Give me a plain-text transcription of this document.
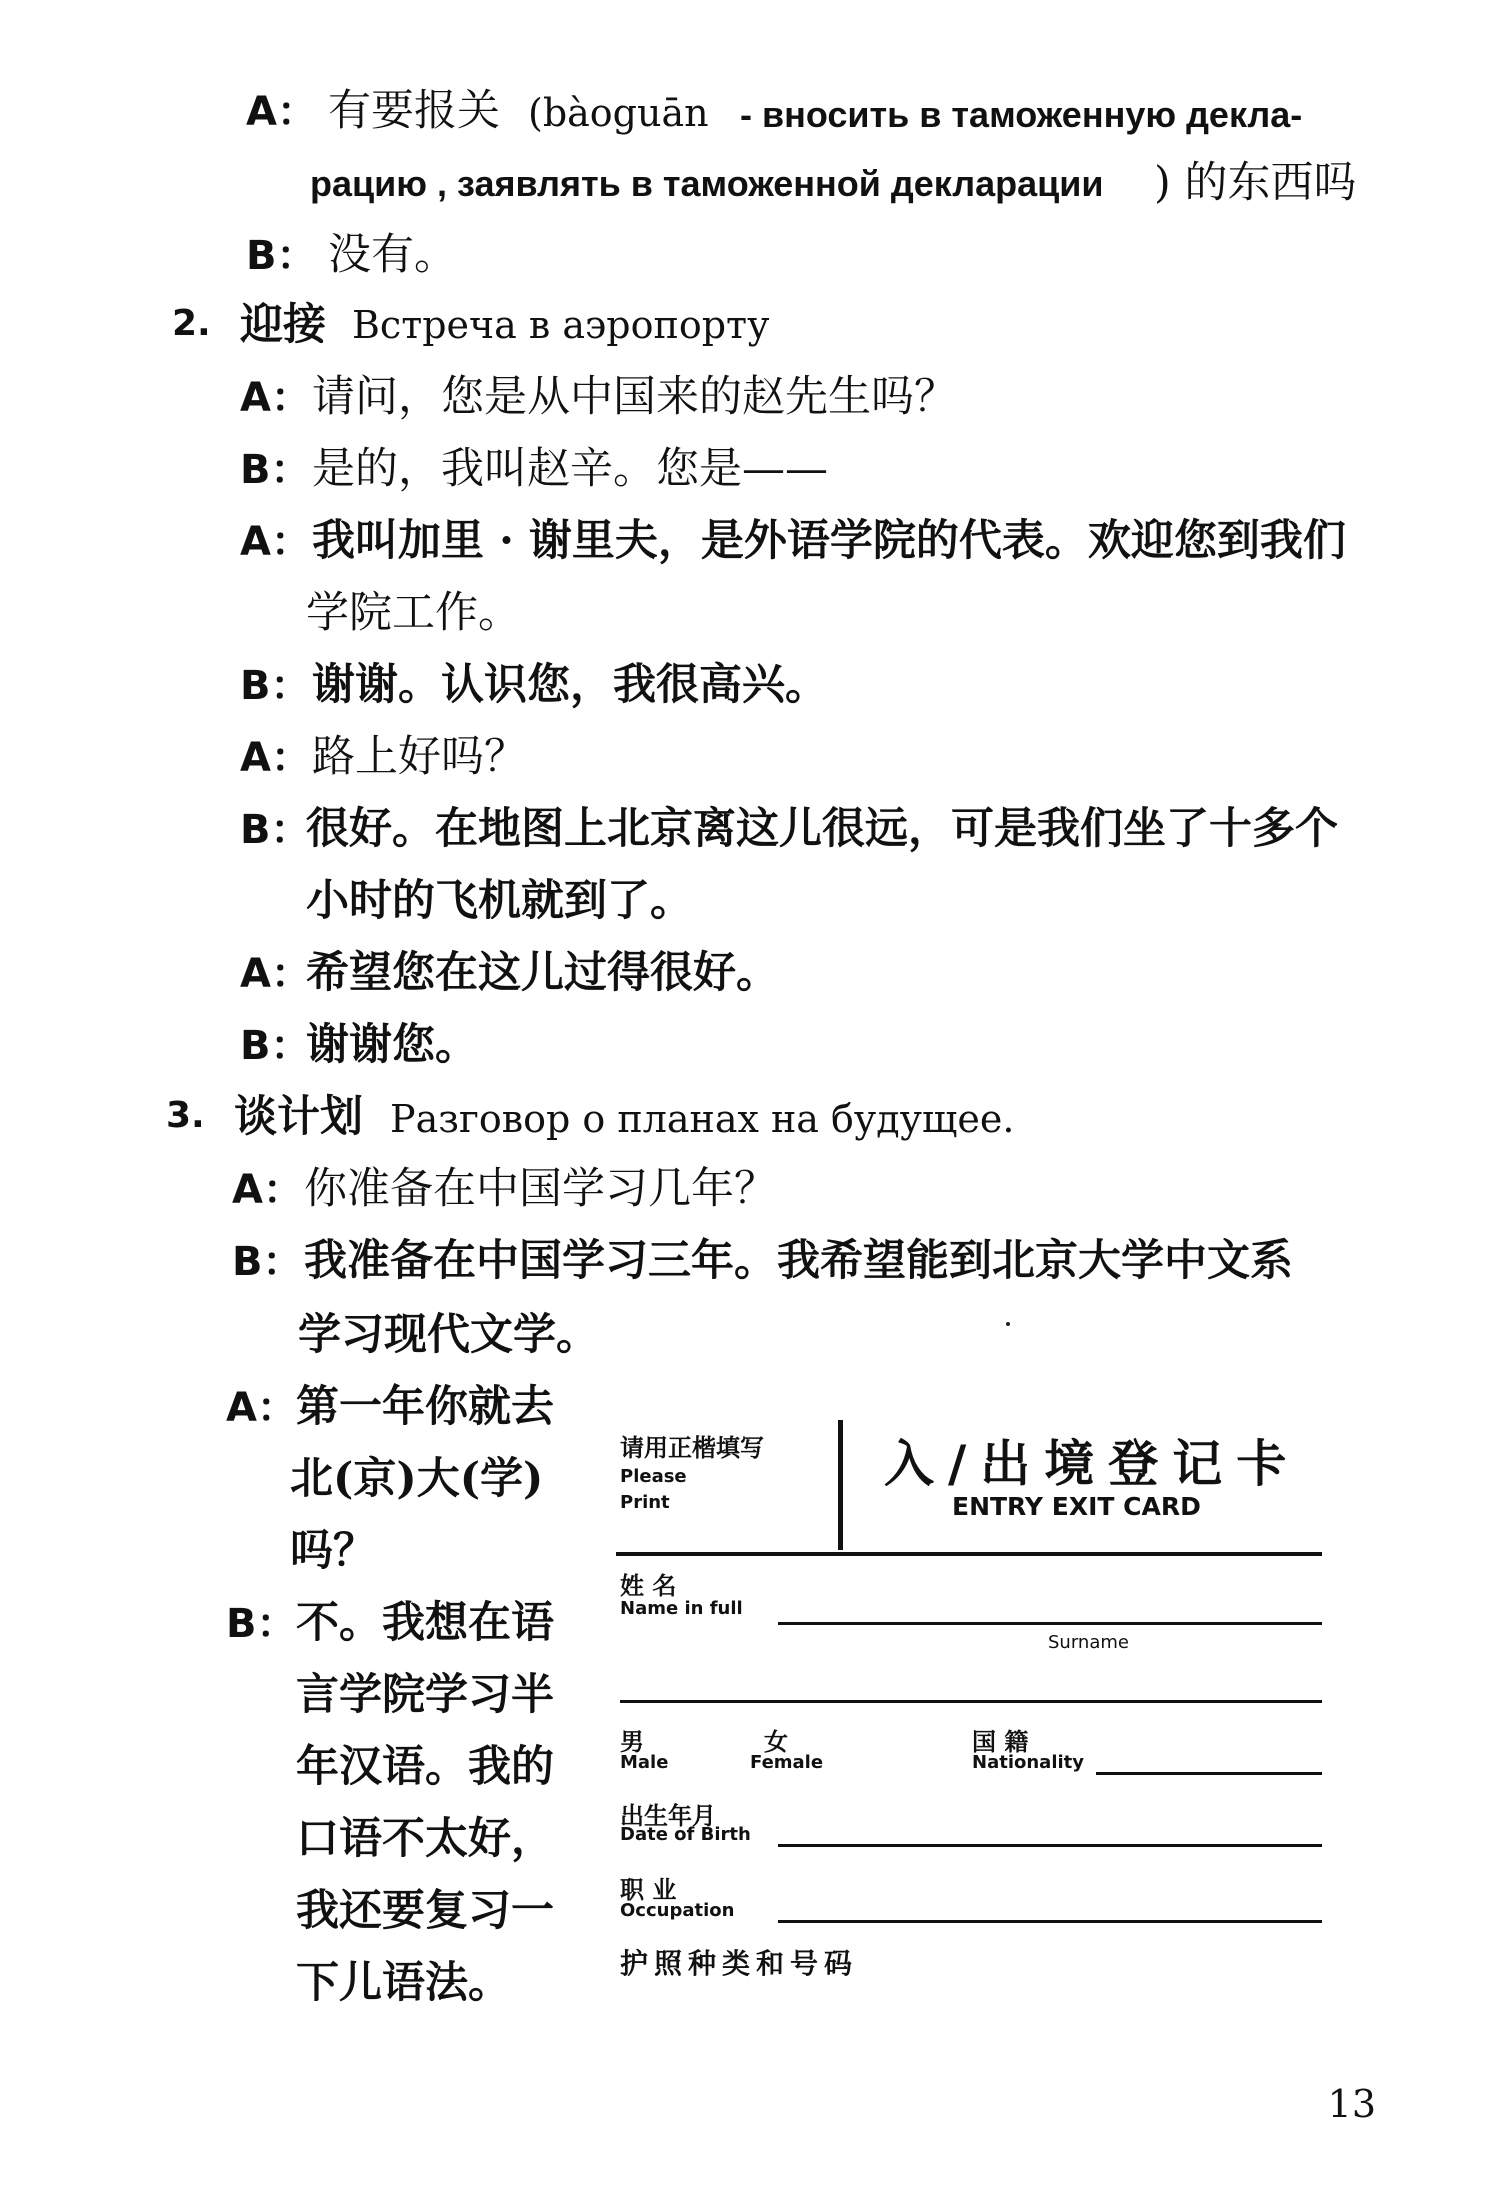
A： 有要报关 (bàoguān - вносить в таможенную декла-
рацию , заявлять в таможенной декларации ) 的东西吗
B： 没有。
2. 迎接 Встреча в аэропорту
A： 请问，您是从中国来的赵先生吗？
B： 是的，我叫赵辛。您是——
A： 我叫加里 · 谢里夫，是外语学院的代表。欢迎您到我们
学院工作。
B： 谢谢。认识您，我很高兴。
A： 路上好吗？
B：
很好。在地图上北京离这儿很远，可是我们坐了十多个
小时的飞机就到了。
A：
希望您在这儿过得很好。
B：
谢谢您。
3. 谈计划 Разговор о планах на будущее.
A： 你准备在中国学习几年？
B： 我准备在中国学习三年。我希望能到北京大学中文系
学习现代文学。
A： 第一年你就去
北(京)大(学)
吗？
B： 不。我想在语
言学院学习半
年汉语。我的
口语不太好，
我还要复习一
下儿语法。
请用正楷填写
Please
Print
入/出境登记卡
ENTRY EXIT CARD
姓 名
Name in full
Surname
男
Male
女
Female
国 籍
Nationality
出生年月
Date of Birth
职 业
Occupation
护照种类和号码
13
